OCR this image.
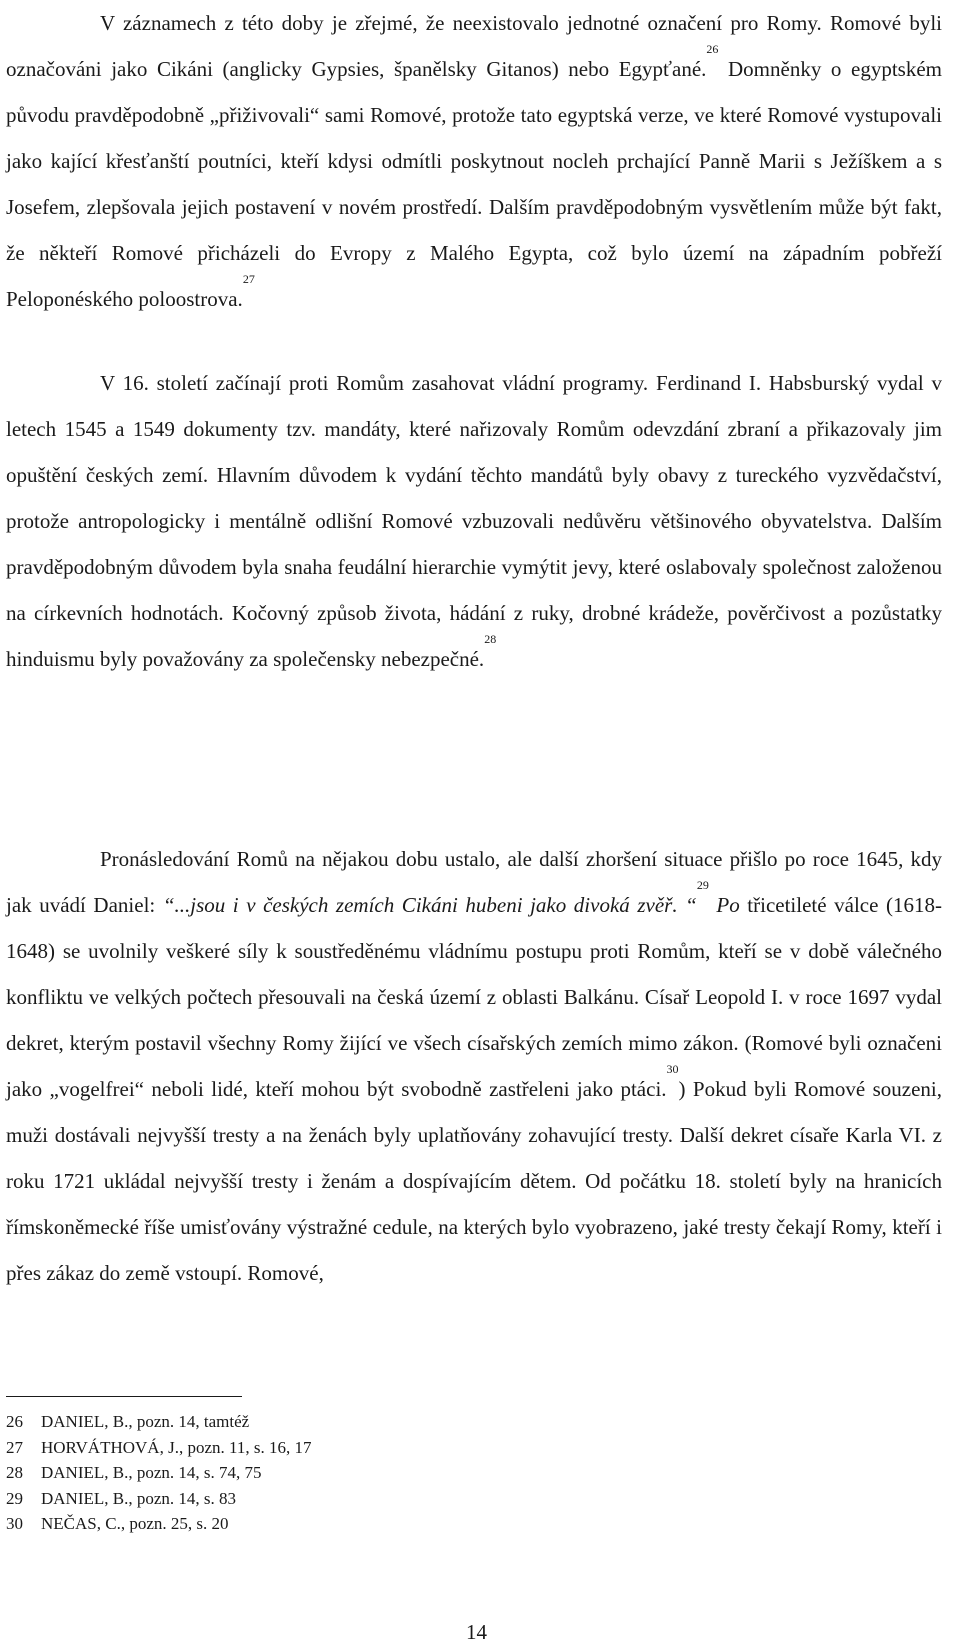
V záznamech z této doby je zřejmé, že neexistovalo jednotné označení pro Romy. Romové byli označováni jako Cikáni (anglicky Gypsies, španělsky Gitanos) nebo Egypťané.$^{26}$ Domněnky o egyptském původu pravděpodobně „přiživovali“ sami Romové, protože tato egyptská verze, ve které Romové vystupovali jako kající křesťanští poutníci, kteří kdysi odmítli poskytnout nocleh prchající Panně Marii s Ježíškem a s Josefem, zlepšovala jejich postavení v novém prostředí. Dalším pravděpodobným vysvětlením může být fakt, že někteří Romové přicházeli do Evropy z Malého Egypta, což bylo území na západním pobřeží Peloponéského poloostrova.$^{27}$

V 16. století začínají proti Romům zasahovat vládní programy. Ferdinand I. Habsburský vydal v letech 1545 a 1549 dokumenty tzv. mandáty, které nařizovaly Romům odevzdání zbraní a přikazovaly jim opuštění českých zemí. Hlavním důvodem k vydání těchto mandátů byly obavy z tureckého vyzvědačství, protože antropologicky i mentálně odlišní Romové vzbuzovali nedůvěru většinového obyvatelstva. Dalším pravděpodobným důvodem byla snaha feudální hierarchie vymýtit jevy, které oslabovaly společnost založenou na církevních hodnotách. Kočovný způsob života, hádání z ruky, drobné krádeže, pověrčivost a pozůstatky hinduismu byly považovány za společensky nebezpečné.$^{28}$

Pronásledování Romů na nějakou dobu ustalo, ale další zhoršení situace přišlo po roce 1645, kdy jak uvádí Daniel: “...jsou i v českých zemích Cikáni hubeni jako divoká zvěř. “$^{29}$ Po třicetileté válce (1618-1648) se uvolnily veškeré síly k soustředěnému vládnímu postupu proti Romům, kteří se v době válečného konfliktu ve velkých počtech přesouvali na česká území z oblasti Balkánu. Císař Leopold I. v roce 1697 vydal dekret, kterým postavil všechny Romy žijící ve všech císařských zemích mimo zákon. (Romové byli označeni jako „vogelfrei“ neboli lidé, kteří mohou být svobodně zastřeleni jako ptáci.$^{30}$) Pokud byli Romové souzeni, muži dostávali nejvyšší tresty a na ženách byly uplatňovány zohavující tresty. Další dekret císaře Karla VI. z roku 1721 ukládal nejvyšší tresty i ženám a dospívajícím dětem. Od počátku 18. století byly na hranicích římskoněmecké říše umisťovány výstražné cedule, na kterých bylo vyobrazeno, jaké tresty čekají Romy, kteří i přes zákaz do země vstoupí. Romové,

26	DANIEL, B., pozn. 14, tamtéž
27	HORVÁTHOVÁ, J., pozn. 11, s. 16, 17
28	DANIEL, B., pozn. 14, s. 74, 75
29	DANIEL, B., pozn. 14, s. 83
30	NEČAS, C., pozn. 25, s. 20
14
